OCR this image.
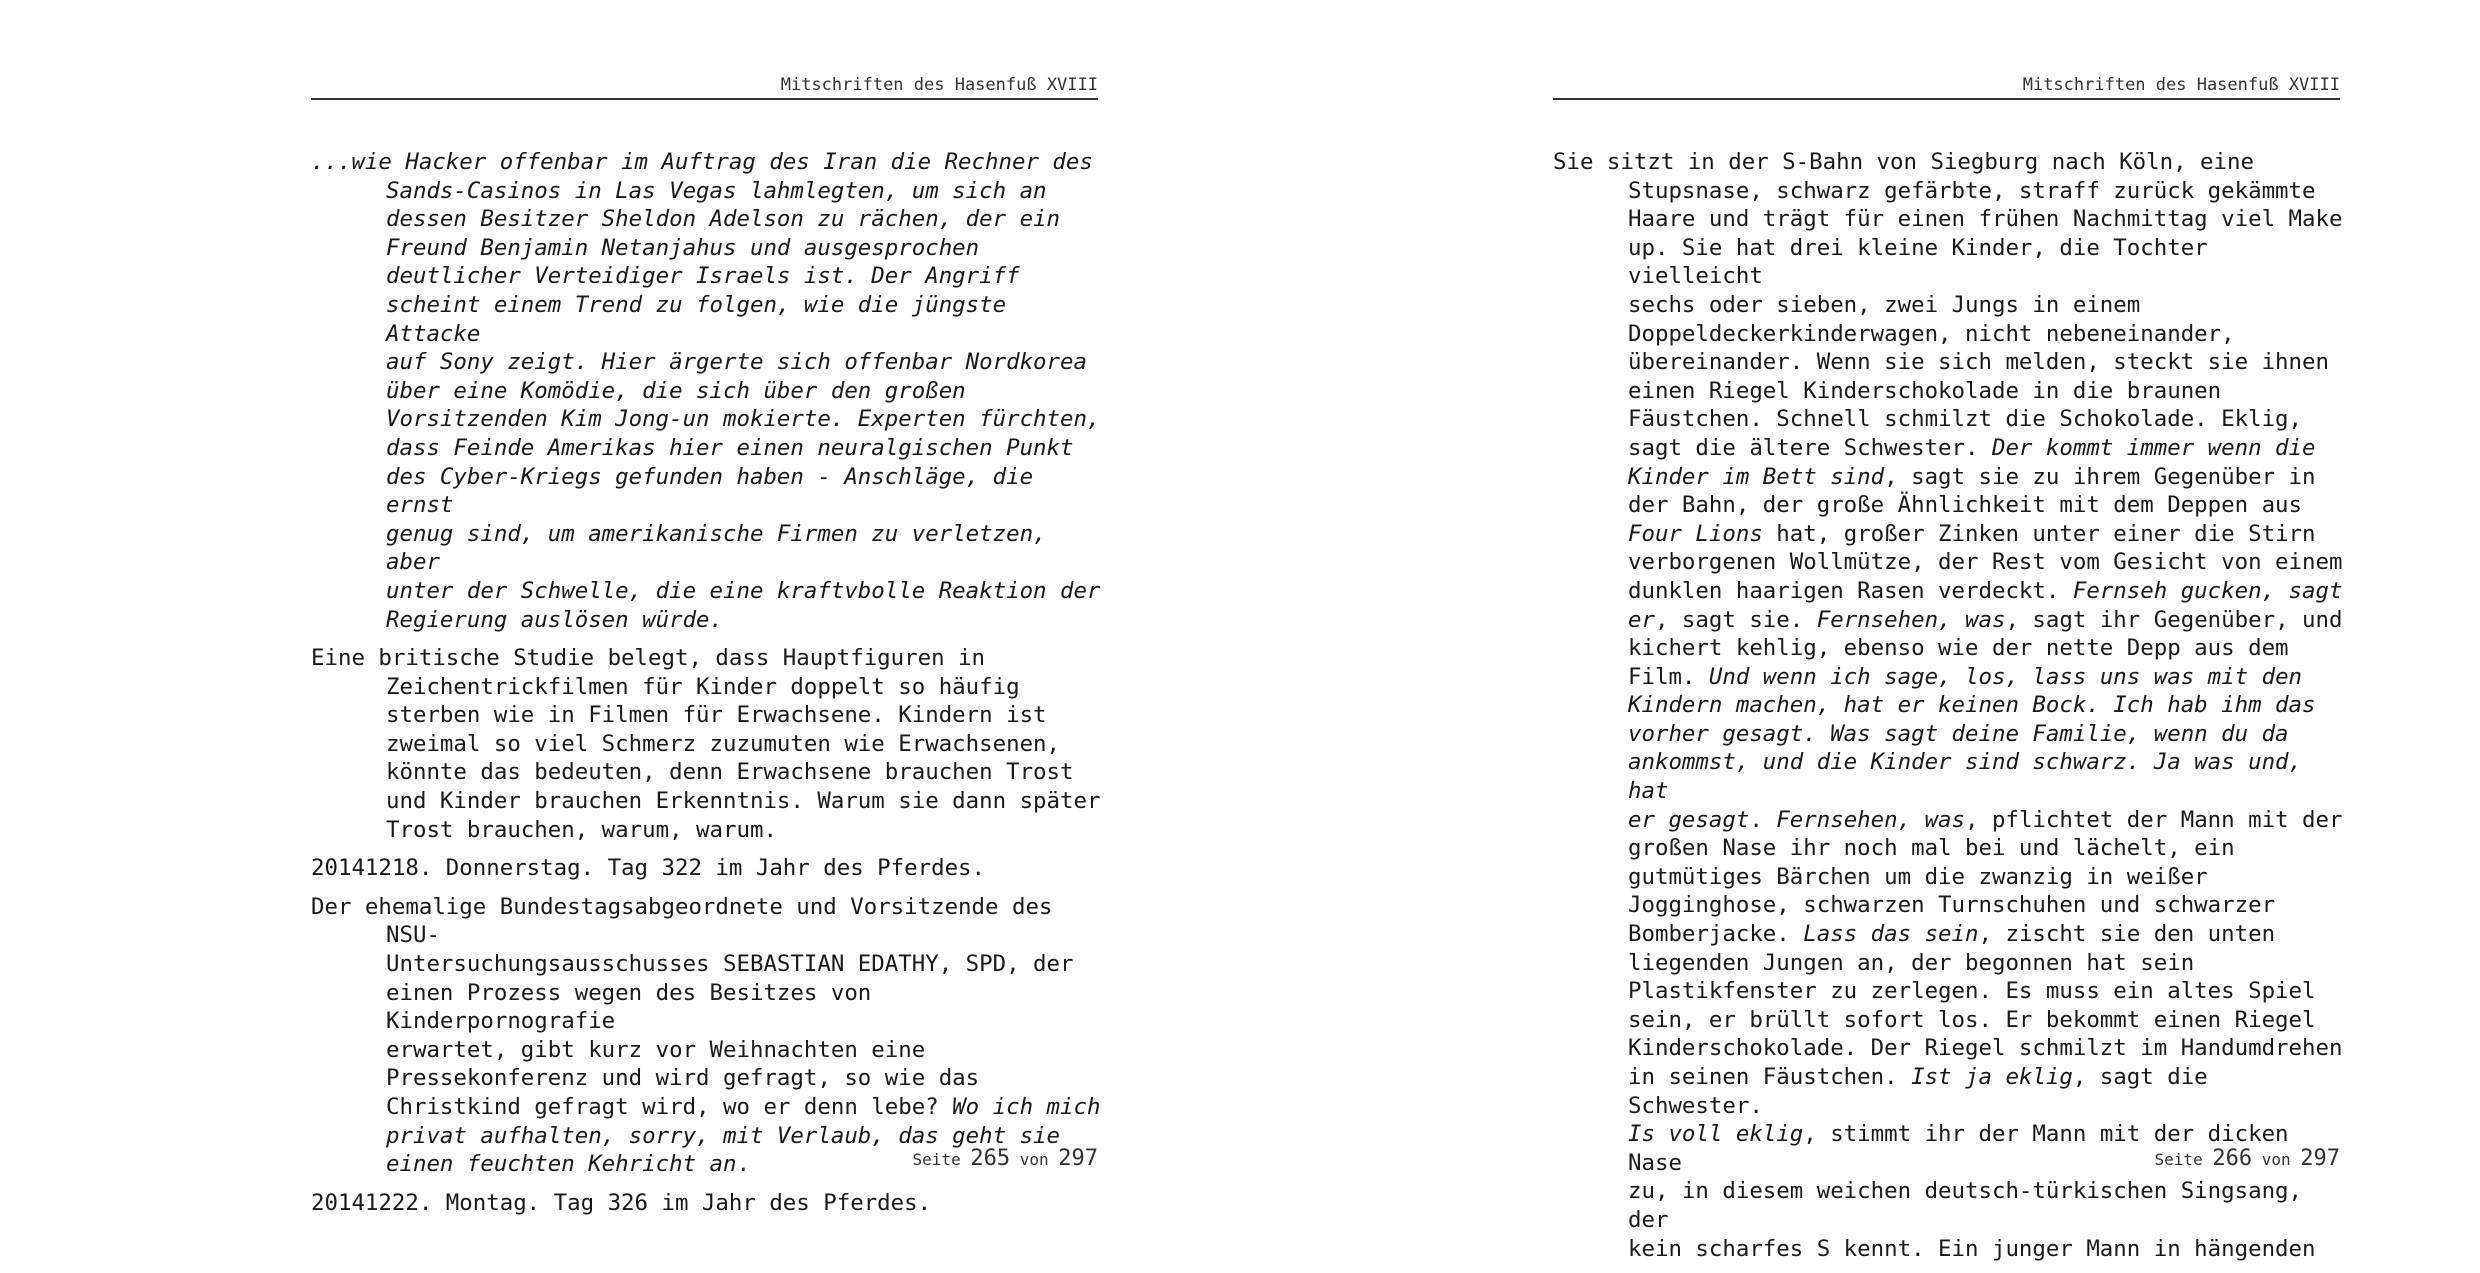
Mitschriften des Hasenfuß XVIII

...wie Hacker offenbar im Auftrag des Iran die Rechner des
Sands-Casinos in Las Vegas lahmlegten, um sich an
dessen Besitzer Sheldon Adelson zu rächen, der ein
Freund Benjamin Netanjahus und ausgesprochen
deutlicher Verteidiger Israels ist. Der Angriff
scheint einem Trend zu folgen, wie die jüngste Attacke
auf Sony zeigt. Hier ärgerte sich offenbar Nordkorea
über eine Komödie, die sich über den großen
Vorsitzenden Kim Jong-un mokierte. Experten fürchten,
dass Feinde Amerikas hier einen neuralgischen Punkt
des Cyber-Kriegs gefunden haben - Anschläge, die ernst
genug sind, um amerikanische Firmen zu verletzen, aber
unter der Schwelle, die eine kraftvbolle Reaktion der
Regierung auslösen würde.

Eine britische Studie belegt, dass Hauptfiguren in
Zeichentrickfilmen für Kinder doppelt so häufig
sterben wie in Filmen für Erwachsene. Kindern ist
zweimal so viel Schmerz zuzumuten wie Erwachsenen,
könnte das bedeuten, denn Erwachsene brauchen Trost
und Kinder brauchen Erkenntnis. Warum sie dann später
Trost brauchen, warum, warum.

20141218. Donnerstag. Tag 322 im Jahr des Pferdes.

Der ehemalige Bundestagsabgeordnete und Vorsitzende des NSU-
Untersuchungsausschusses SEBASTIAN EDATHY, SPD, der
einen Prozess wegen des Besitzes von Kinderpornografie
erwartet, gibt kurz vor Weihnachten eine
Pressekonferenz und wird gefragt, so wie das
Christkind gefragt wird, wo er denn lebe? Wo ich mich
privat aufhalten, sorry, mit Verlaub, das geht sie
einen feuchten Kehricht an.

20141222. Montag. Tag 326 im Jahr des Pferdes.

Seite 265 von 297
Mitschriften des Hasenfuß XVIII

Sie sitzt in der S-Bahn von Siegburg nach Köln, eine
Stupsnase, schwarz gefärbte, straff zurück gekämmte
Haare und trägt für einen frühen Nachmittag viel Make
up. Sie hat drei kleine Kinder, die Tochter vielleicht
sechs oder sieben, zwei Jungs in einem
Doppeldeckerkinderwagen, nicht nebeneinander,
übereinander. Wenn sie sich melden, steckt sie ihnen
einen Riegel Kinderschokolade in die braunen
Fäustchen. Schnell schmilzt die Schokolade. Eklig,
sagt die ältere Schwester. Der kommt immer wenn die
Kinder im Bett sind, sagt sie zu ihrem Gegenüber in
der Bahn, der große Ähnlichkeit mit dem Deppen aus
Four Lions hat, großer Zinken unter einer die Stirn
verborgenen Wollmütze, der Rest vom Gesicht von einem
dunklen haarigen Rasen verdeckt. Fernseh gucken, sagt
er, sagt sie. Fernsehen, was, sagt ihr Gegenüber, und
kichert kehlig, ebenso wie der nette Depp aus dem
Film. Und wenn ich sage, los, lass uns was mit den
Kindern machen, hat er keinen Bock. Ich hab ihm das
vorher gesagt. Was sagt deine Familie, wenn du da
ankommst, und die Kinder sind schwarz. Ja was und, hat
er gesagt. Fernsehen, was, pflichtet der Mann mit der
großen Nase ihr noch mal bei und lächelt, ein
gutmütiges Bärchen um die zwanzig in weißer
Jogginghose, schwarzen Turnschuhen und schwarzer
Bomberjacke. Lass das sein, zischt sie den unten
liegenden Jungen an, der begonnen hat sein
Plastikfenster zu zerlegen. Es muss ein altes Spiel
sein, er brüllt sofort los. Er bekommt einen Riegel
Kinderschokolade. Der Riegel schmilzt im Handumdrehen
in seinen Fäustchen. Ist ja eklig, sagt die Schwester.
Is voll eklig, stimmt ihr der Mann mit der dicken Nase
zu, in diesem weichen deutsch-türkischen Singsang, der
kein scharfes S kennt. Ein junger Mann in hängenden

Seite 266 von 297
